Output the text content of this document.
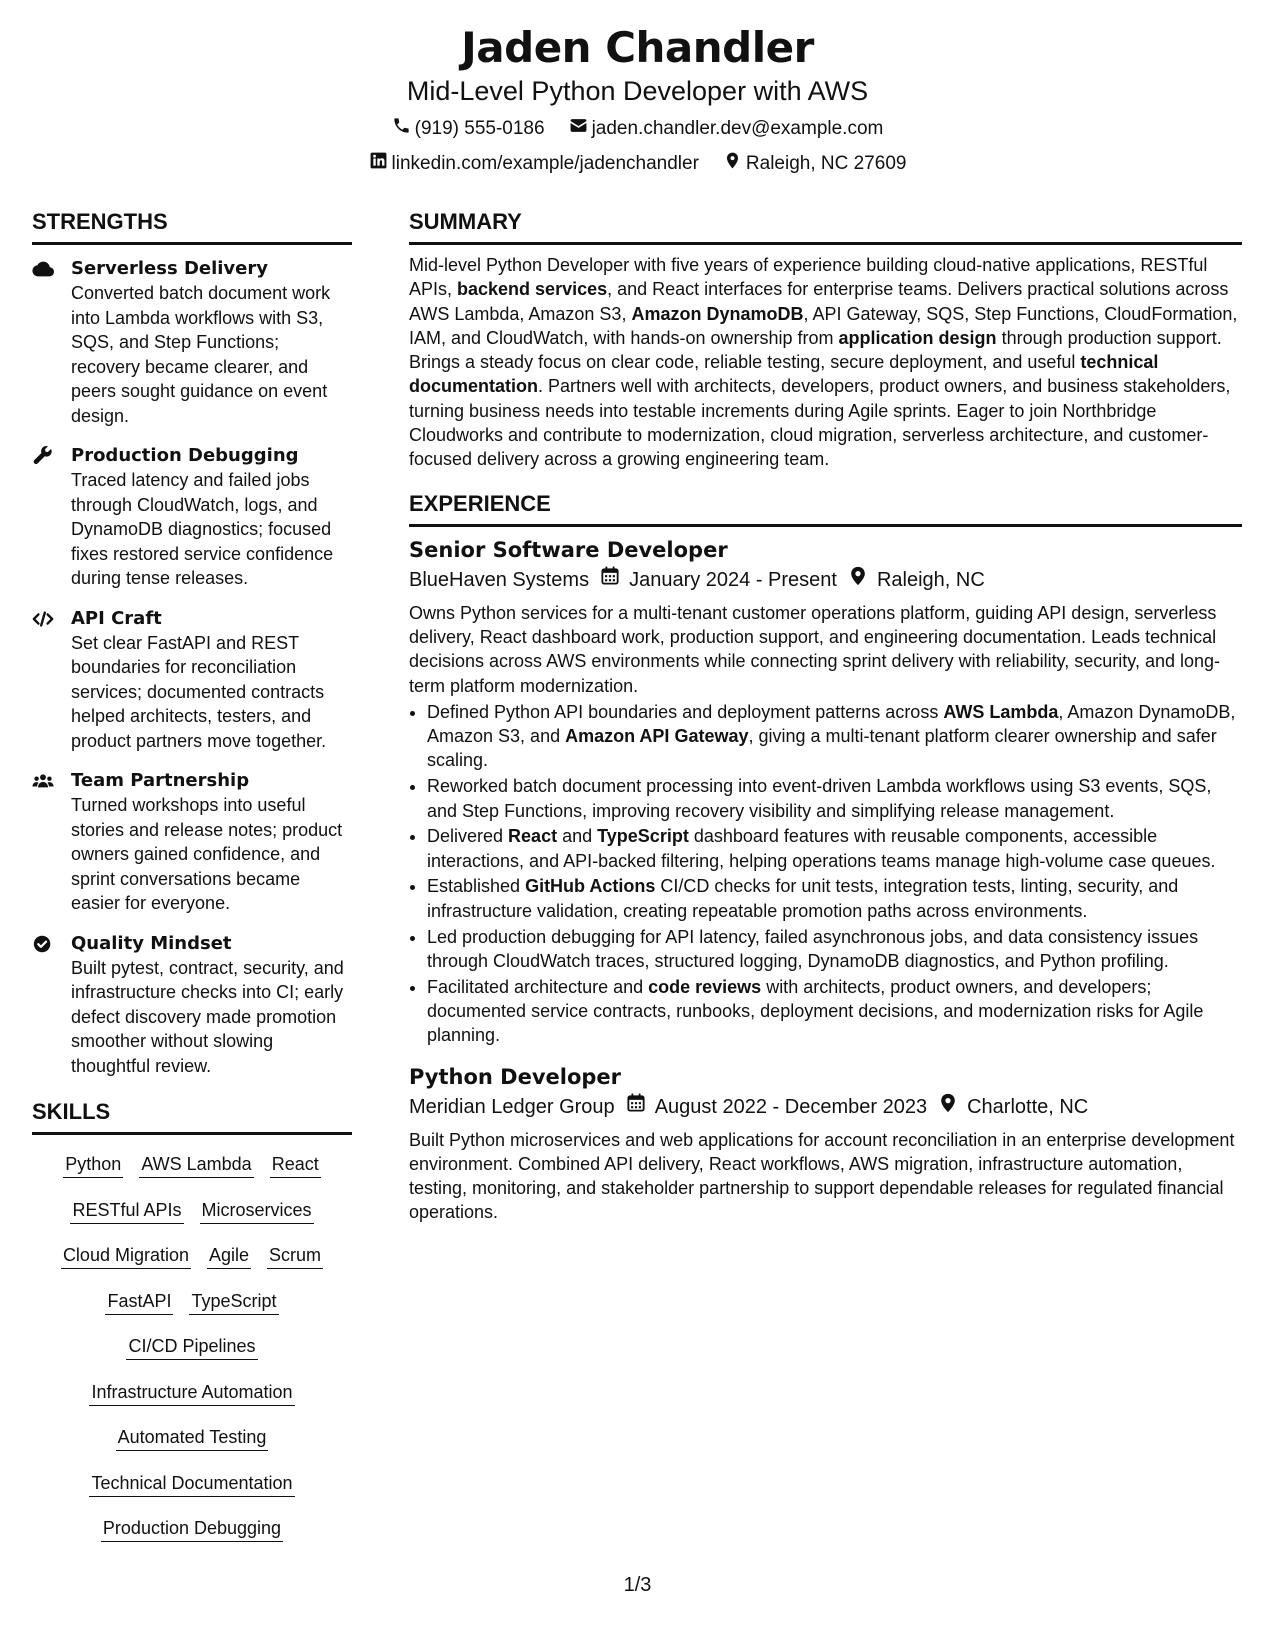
Jaden Chandler
Mid-Level Python Developer with AWS
(919) 555-0186 jaden.chandler.dev@example.com
linkedin.com/example/jadenchandler Raleigh, NC 27609
STRENGTHS
Serverless Delivery
Converted batch document work into Lambda workflows with S3, SQS, and Step Functions; recovery became clearer, and peers sought guidance on event design.
Production Debugging
Traced latency and failed jobs through CloudWatch, logs, and DynamoDB diagnostics; focused fixes restored service confidence during tense releases.
API Craft
Set clear FastAPI and REST boundaries for reconciliation services; documented contracts helped architects, testers, and product partners move together.
Team Partnership
Turned workshops into useful stories and release notes; product owners gained confidence, and sprint conversations became easier for everyone.
Quality Mindset
Built pytest, contract, security, and infrastructure checks into CI; early defect discovery made promotion smoother without slowing thoughtful review.
SKILLS
Python AWS Lambda React
RESTful APIs Microservices
Cloud Migration Agile Scrum
FastAPI TypeScript
CI/CD Pipelines
Infrastructure Automation
Automated Testing
Technical Documentation
Production Debugging
SUMMARY

Mid-level Python Developer with five years of experience building cloud-native applications, RESTful APIs, backend services, and React interfaces for enterprise teams. Delivers practical solutions across AWS Lambda, Amazon S3, Amazon DynamoDB, API Gateway, SQS, Step Functions, CloudFormation, IAM, and CloudWatch, with hands-on ownership from application design through production support. Brings a steady focus on clear code, reliable testing, secure deployment, and useful technical documentation. Partners well with architects, developers, product owners, and business stakeholders, turning business needs into testable increments during Agile sprints. Eager to join Northbridge Cloudworks and contribute to modernization, cloud migration, serverless architecture, and customer-focused delivery across a growing engineering team.

EXPERIENCE
Senior Software Developer
BlueHaven Systems January 2024 - Present Raleigh, NC
Owns Python services for a multi-tenant customer operations platform, guiding API design, serverless delivery, React dashboard work, production support, and engineering documentation. Leads technical decisions across AWS environments while connecting sprint delivery with reliability, security, and long-term platform modernization.
• Defined Python API boundaries and deployment patterns across AWS Lambda, Amazon DynamoDB, Amazon S3, and Amazon API Gateway, giving a multi-tenant platform clearer ownership and safer scaling.
• Reworked batch document processing into event-driven Lambda workflows using S3 events, SQS, and Step Functions, improving recovery visibility and simplifying release management.
• Delivered React and TypeScript dashboard features with reusable components, accessible interactions, and API-backed filtering, helping operations teams manage high-volume case queues.
• Established GitHub Actions CI/CD checks for unit tests, integration tests, linting, security, and infrastructure validation, creating repeatable promotion paths across environments.
• Led production debugging for API latency, failed asynchronous jobs, and data consistency issues through CloudWatch traces, structured logging, DynamoDB diagnostics, and Python profiling.
• Facilitated architecture and code reviews with architects, product owners, and developers; documented service contracts, runbooks, deployment decisions, and modernization risks for Agile planning.
Python Developer
Meridian Ledger Group August 2022 - December 2023 Charlotte, NC
Built Python microservices and web applications for account reconciliation in an enterprise development environment. Combined API delivery, React workflows, AWS migration, infrastructure automation, testing, monitoring, and stakeholder partnership to support dependable releases for regulated financial operations.
1/3
